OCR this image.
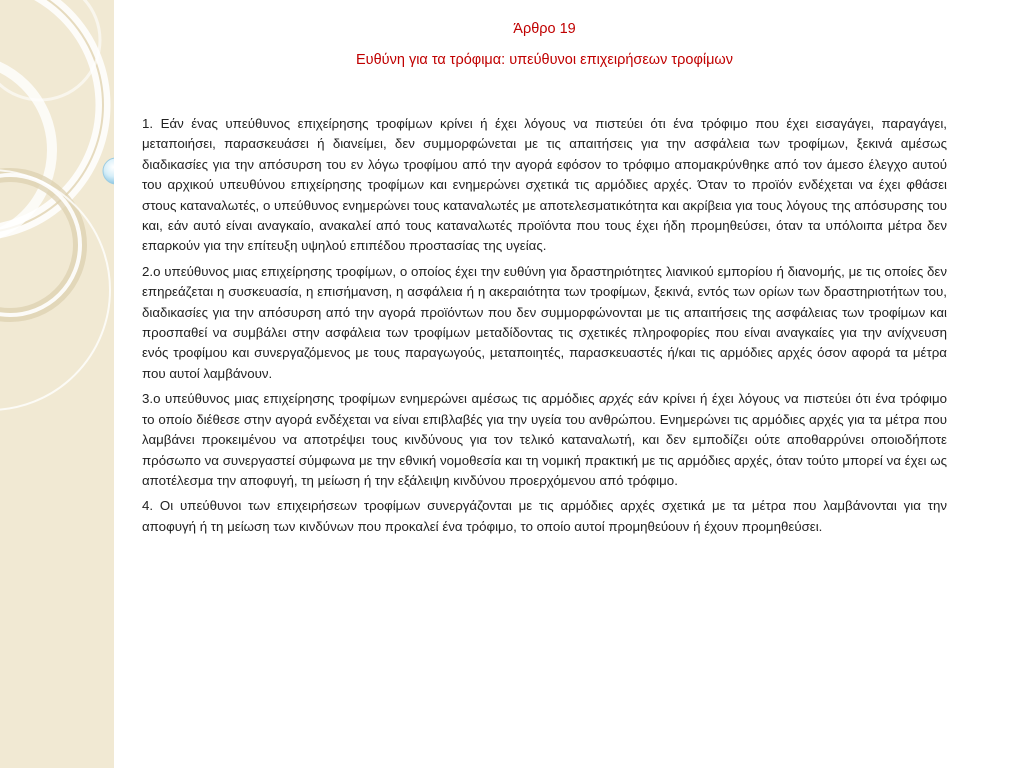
Άρθρο 19
Ευθύνη για τα τρόφιμα: υπεύθυνοι επιχειρήσεων τροφίμων

1. Εάν ένας υπεύθυνος επιχείρησης τροφίμων κρίνει ή έχει λόγους να πιστεύει ότι ένα τρόφιμο που έχει εισαγάγει, παραγάγει, μεταποιήσει, παρασκευάσει ή διανείμει, δεν συμμορφώνεται με τις απαιτήσεις για την ασφάλεια των τροφίμων, ξεκινά αμέσως διαδικασίες για την απόσυρση του εν λόγω τροφίμου από την αγορά εφόσον το τρόφιμο απομακρύνθηκε από τον άμεσο έλεγχο αυτού του αρχικού υπευθύνου επιχείρησης τροφίμων και ενημερώνει σχετικά τις αρμόδιες αρχές. Όταν το προϊόν ενδέχεται να έχει φθάσει στους καταναλωτές, ο υπεύθυνος ενημερώνει τους καταναλωτές με αποτελεσματικότητα και ακρίβεια για τους λόγους της απόσυρσης του και, εάν αυτό είναι αναγκαίο, ανακαλεί από τους καταναλωτές προϊόντα που τους έχει ήδη προμηθεύσει, όταν τα υπόλοιπα μέτρα δεν επαρκούν για την επίτευξη υψηλού επιπέδου προστασίας της υγείας.

2.ο υπεύθυνος μιας επιχείρησης τροφίμων, ο οποίος έχει την ευθύνη για δραστηριότητες λιανικού εμπορίου ή διανομής, με τις οποίες δεν επηρεάζεται η συσκευασία, η επισήμανση, η ασφάλεια ή η ακεραιότητα των τροφίμων, ξεκινά, εντός των ορίων των δραστηριοτήτων του, διαδικασίες για την απόσυρση από την αγορά προϊόντων που δεν συμμορφώνονται με τις απαιτήσεις της ασφάλειας των τροφίμων και προσπαθεί να συμβάλει στην ασφάλεια των τροφίμων μεταδίδοντας τις σχετικές πληροφορίες που είναι αναγκαίες για την ανίχνευση ενός τροφίμου και συνεργαζόμενος με τους παραγωγούς, μεταποιητές, παρασκευαστές ή/και τις αρμόδιες αρχές όσον αφορά τα μέτρα που αυτοί λαμβάνουν.

3.ο υπεύθυνος μιας επιχείρησης τροφίμων ενημερώνει αμέσως τις αρμόδιες αρχές εάν κρίνει ή έχει λόγους να πιστεύει ότι ένα τρόφιμο το οποίο διέθεσε στην αγορά ενδέχεται να είναι επιβλαβές για την υγεία του ανθρώπου. Ενημερώνει τις αρμόδιες αρχές για τα μέτρα που λαμβάνει προκειμένου να αποτρέψει τους κινδύνους για τον τελικό καταναλωτή, και δεν εμποδίζει ούτε αποθαρρύνει οποιοδήποτε πρόσωπο να συνεργαστεί σύμφωνα με την εθνική νομοθεσία και τη νομική πρακτική με τις αρμόδιες αρχές, όταν τούτο μπορεί να έχει ως αποτέλεσμα την αποφυγή, τη μείωση ή την εξάλειψη κινδύνου προερχόμενου από τρόφιμο.

4. Οι υπεύθυνοι των επιχειρήσεων τροφίμων συνεργάζονται με τις αρμόδιες αρχές σχετικά με τα μέτρα που λαμβάνονται για την αποφυγή ή τη μείωση των κινδύνων που προκαλεί ένα τρόφιμο, το οποίο αυτοί προμηθεύουν ή έχουν προμηθεύσει.
